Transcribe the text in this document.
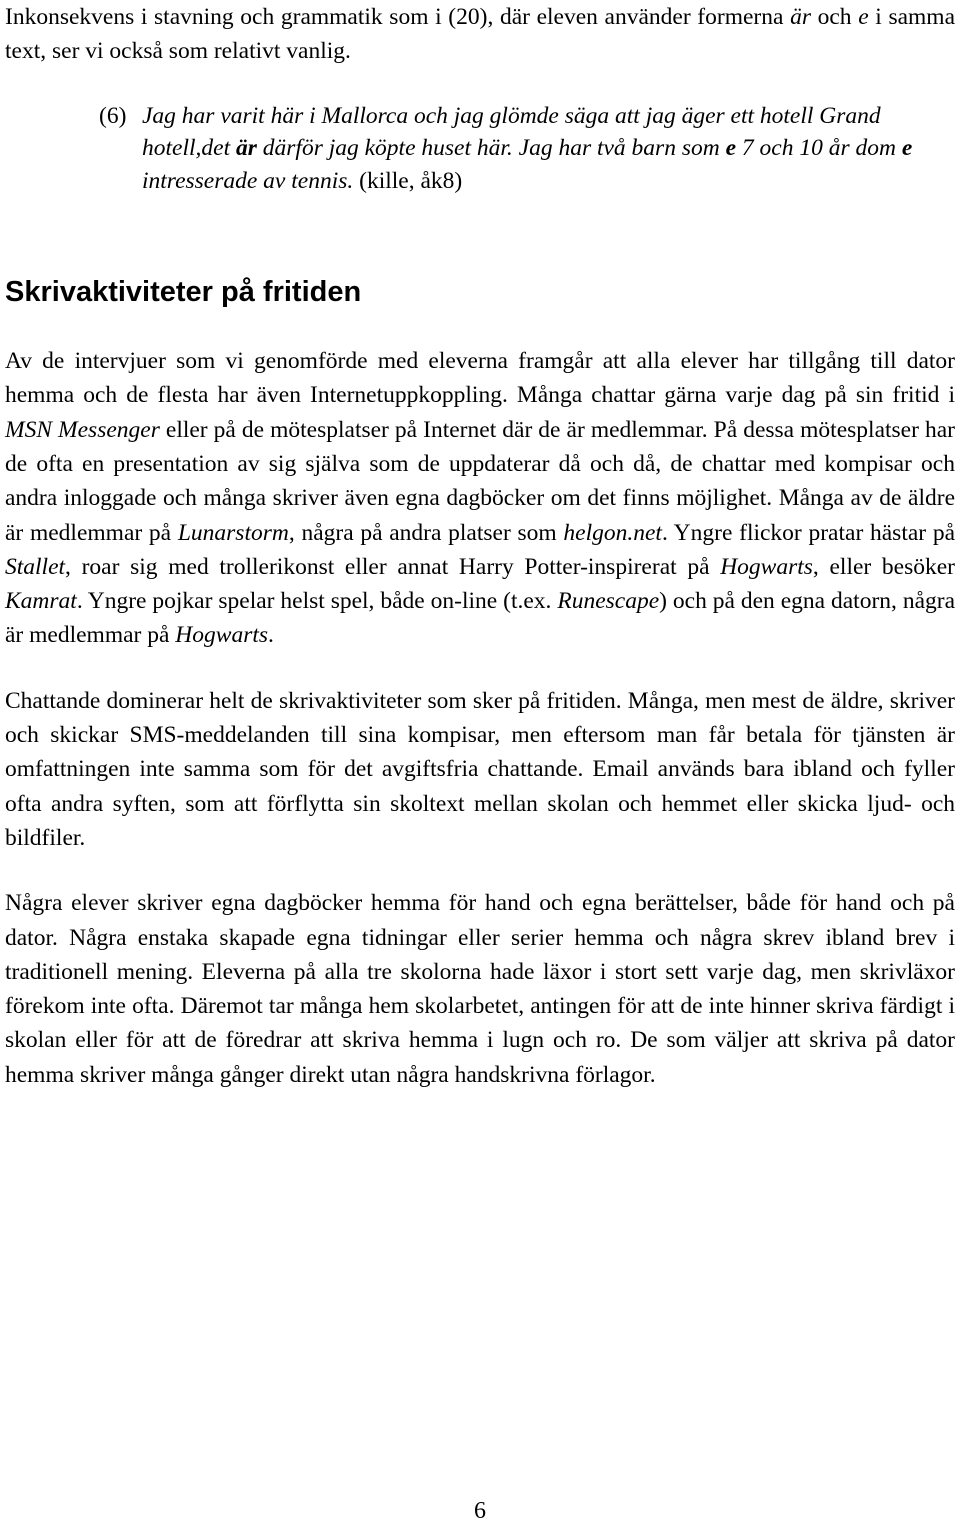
Inkonsekvens i stavning och grammatik som i (20), där eleven använder formerna är och e i samma text, ser vi också som relativt vanlig.

(6) Jag har varit här i Mallorca och jag glömde säga att jag äger ett hotell Grand hotell,det är därför jag köpte huset här. Jag har två barn som e 7 och 10 år dom e intresserade av tennis. (kille, åk8)

Skrivaktiviteter på fritiden

Av de intervjuer som vi genomförde med eleverna framgår att alla elever har tillgång till dator hemma och de flesta har även Internetuppkoppling. Många chattar gärna varje dag på sin fritid i MSN Messenger eller på de mötesplatser på Internet där de är medlemmar. På dessa mötesplatser har de ofta en presentation av sig själva som de uppdaterar då och då, de chattar med kompisar och andra inloggade och många skriver även egna dagböcker om det finns möjlighet. Många av de äldre är medlemmar på Lunarstorm, några på andra platser som helgon.net. Yngre flickor pratar hästar på Stallet, roar sig med trollerikonst eller annat Harry Potter-inspirerat på Hogwarts, eller besöker Kamrat. Yngre pojkar spelar helst spel, både on-line (t.ex. Runescape) och på den egna datorn, några är medlemmar på Hogwarts.

Chattande dominerar helt de skrivaktiviteter som sker på fritiden. Många, men mest de äldre, skriver och skickar SMS-meddelanden till sina kompisar, men eftersom man får betala för tjänsten är omfattningen inte samma som för det avgiftsfria chattande. Email används bara ibland och fyller ofta andra syften, som att förflytta sin skoltext mellan skolan och hemmet eller skicka ljud- och bildfiler.

Några elever skriver egna dagböcker hemma för hand och egna berättelser, både för hand och på dator. Några enstaka skapade egna tidningar eller serier hemma och några skrev ibland brev i traditionell mening. Eleverna på alla tre skolorna hade läxor i stort sett varje dag, men skrivläxor förekom inte ofta. Däremot tar många hem skolarbetet, antingen för att de inte hinner skriva färdigt i skolan eller för att de föredrar att skriva hemma i lugn och ro. De som väljer att skriva på dator hemma skriver många gånger direkt utan några handskrivna förlagor.

6
